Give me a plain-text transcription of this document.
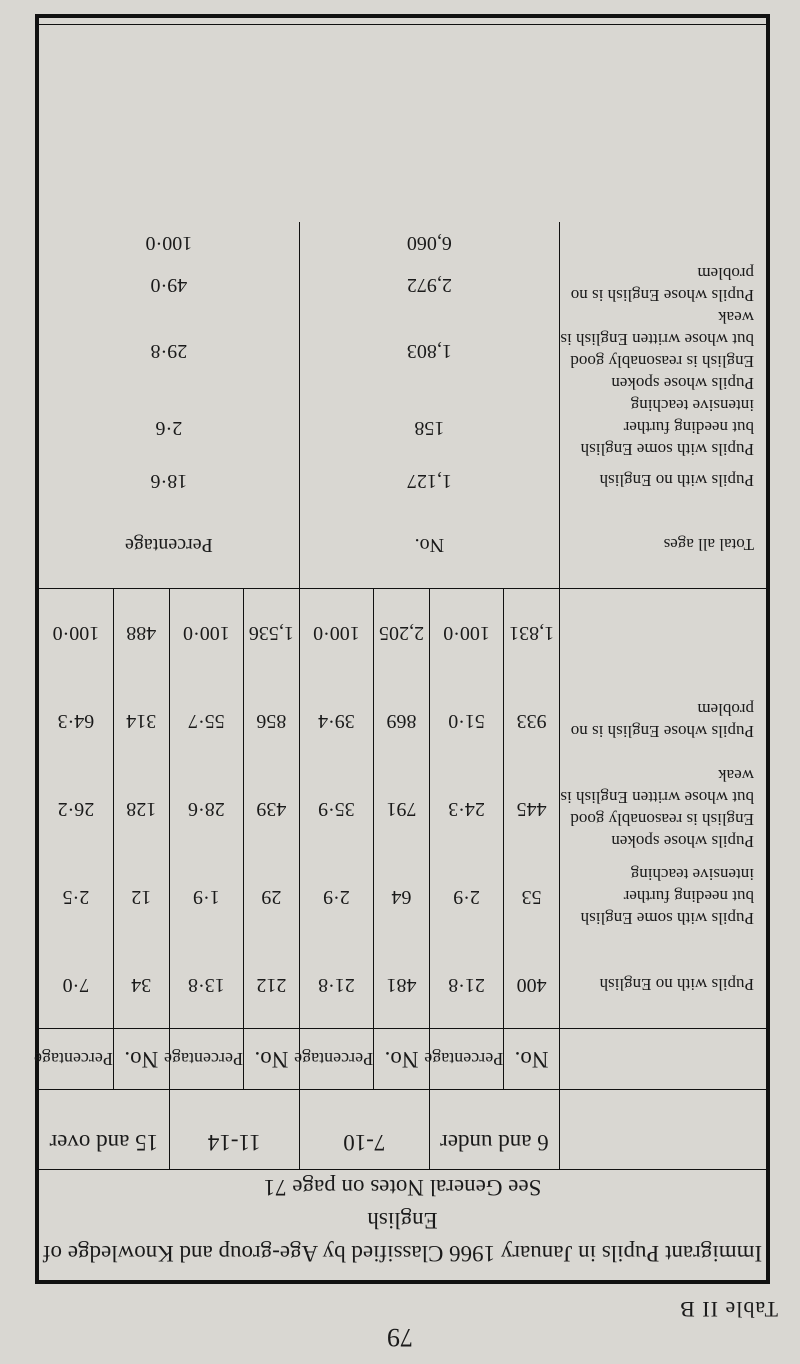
79
Table II B
Immigrant Pupils in January 1966 Classified by Age-group and Knowledge of English
See General Notes on page 71
	6 and under		7-10		11-14		15 and over
	No.	Percentage	No.	Percentage	No.	Percentage	No.	Percentage
Pupils with no English	400	21·8	481	21·8	212	13·8	34	7·0
Pupils with some English but needing further intensive teaching	53	2·9	64	2·9	29	1·9	12	2·5
Pupils whose spoken English is reasonably good but whose written English is weak	445	24·3	791	35·9	439	28·6	128	26·2
Pupils whose English is no problem	933	51·0	869	39·4	856	55·7	314	64·3
	1,831	100·0	2,205	100·0	1,536	100·0	488	100·0
Total all ages	No.				Percentage			
Pupils with no English	1,127				18·6			
Pupils with some English but needing further intensive teaching	158				2·6			
Pupils whose spoken English is reasonably good but whose written English is weak	1,803				29·8			
Pupils whose English is no problem	2,972				49·0			
	6,060				100·0			
